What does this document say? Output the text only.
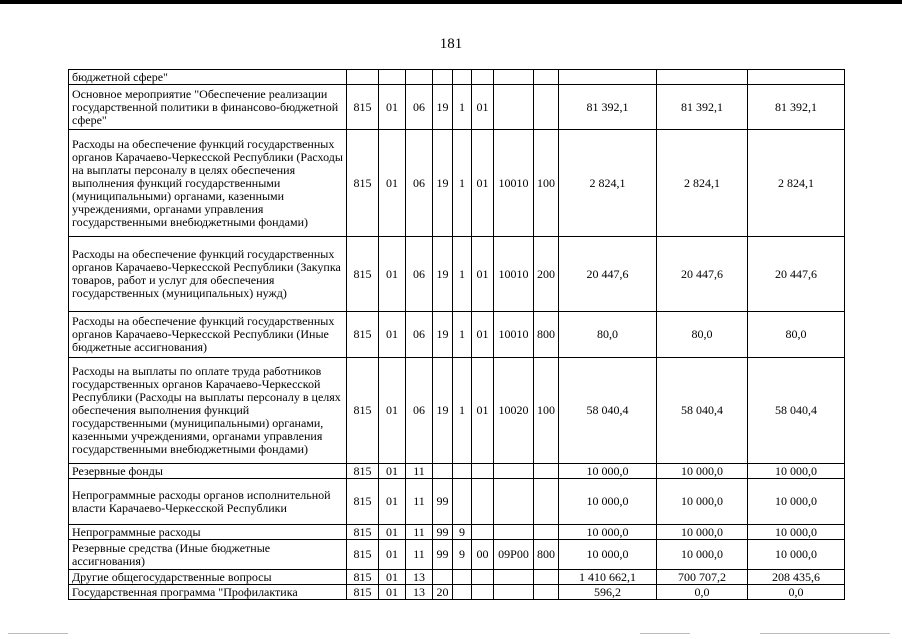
181
бюджетной сфере"											
Основное мероприятие "Обеспечение реализации государственной политики в финансово-бюджетной сфере"	815	01	06	19	1	01			81 392,1	81 392,1	81 392,1
Расходы на обеспечение функций государственных органов Карачаево-Черкесской Республики (Расходы на выплаты персоналу в целях обеспечения выполнения функций государственными (муниципальными) органами, казенными учреждениями, органами управления государственными внебюджетными фондами)	815	01	06	19	1	01	10010	100	2 824,1	2 824,1	2 824,1
Расходы на обеспечение функций государственных органов Карачаево-Черкесской Республики (Закупка товаров, работ и услуг для обеспечения государственных (муниципальных) нужд)	815	01	06	19	1	01	10010	200	20 447,6	20 447,6	20 447,6
Расходы на обеспечение функций государственных органов Карачаево-Черкесской Республики (Иные бюджетные ассигнования)	815	01	06	19	1	01	10010	800	80,0	80,0	80,0
Расходы на выплаты по оплате труда работников государственных органов Карачаево-Черкесской Республики (Расходы на выплаты персоналу в целях обеспечения выполнения функций государственными (муниципальными) органами, казенными учреждениями, органами управления государственными внебюджетными фондами)	815	01	06	19	1	01	10020	100	58 040,4	58 040,4	58 040,4
Резервные фонды	815	01	11						10 000,0	10 000,0	10 000,0
Непрограммные расходы органов исполнительной власти Карачаево-Черкесской Республики	815	01	11	99					10 000,0	10 000,0	10 000,0
Непрограммные расходы	815	01	11	99	9				10 000,0	10 000,0	10 000,0
Резервные средства (Иные бюджетные ассигнования)	815	01	11	99	9	00	09Р00	800	10 000,0	10 000,0	10 000,0
Другие общегосударственные вопросы	815	01	13						1 410 662,1	700 707,2	208 435,6
Государственная программа "Профилактика	815	01	13	20					596,2	0,0	0,0
